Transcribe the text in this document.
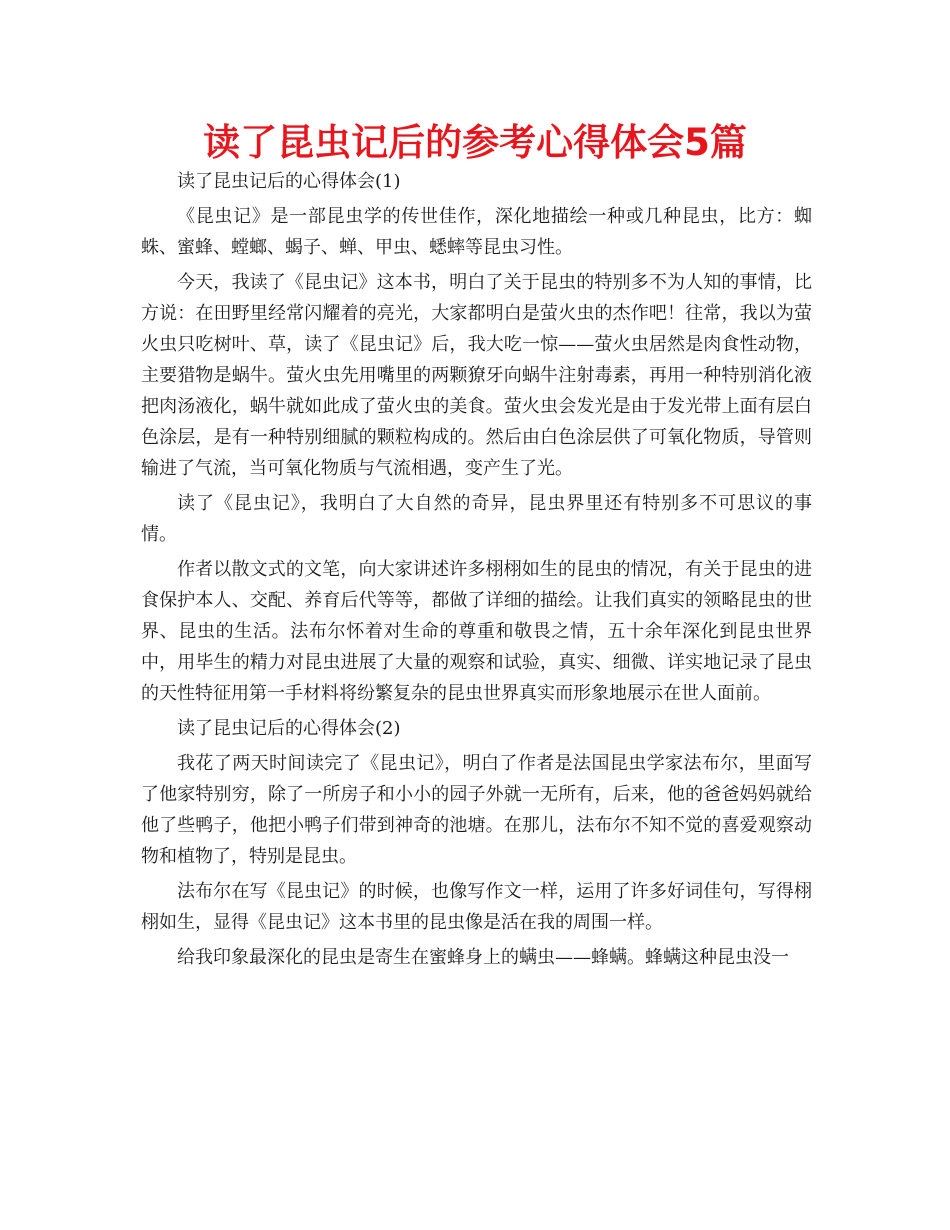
读了昆虫记后的参考心得体会5篇

读了昆虫记后的心得体会(1)

《昆虫记》是一部昆虫学的传世佳作，深化地描绘一种或几种昆虫，比方：蜘蛛、蜜蜂、螳螂、蝎子、蝉、甲虫、蟋蟀等昆虫习性。

今天，我读了《昆虫记》这本书，明白了关于昆虫的特别多不为人知的事情，比方说：在田野里经常闪耀着的亮光，大家都明白是萤火虫的杰作吧！往常，我以为萤火虫只吃树叶、草，读了《昆虫记》后，我大吃一惊——萤火虫居然是肉食性动物，主要猎物是蜗牛。萤火虫先用嘴里的两颗獠牙向蜗牛注射毒素，再用一种特别消化液把肉汤液化，蜗牛就如此成了萤火虫的美食。萤火虫会发光是由于发光带上面有层白色涂层，是有一种特别细腻的颗粒构成的。然后由白色涂层供了可氧化物质，导管则输进了气流，当可氧化物质与气流相遇，变产生了光。

读了《昆虫记》，我明白了大自然的奇异，昆虫界里还有特别多不可思议的事情。

作者以散文式的文笔，向大家讲述许多栩栩如生的昆虫的情况，有关于昆虫的进食保护本人、交配、养育后代等等，都做了详细的描绘。让我们真实的领略昆虫的世界、昆虫的生活。法布尔怀着对生命的尊重和敬畏之情，五十余年深化到昆虫世界中，用毕生的精力对昆虫进展了大量的观察和试验，真实、细微、详实地记录了昆虫的天性特征用第一手材料将纷繁复杂的昆虫世界真实而形象地展示在世人面前。

读了昆虫记后的心得体会(2)

我花了两天时间读完了《昆虫记》，明白了作者是法国昆虫学家法布尔，里面写了他家特别穷，除了一所房子和小小的园子外就一无所有，后来，他的爸爸妈妈就给他了些鸭子，他把小鸭子们带到神奇的池塘。在那儿，法布尔不知不觉的喜爱观察动物和植物了，特别是昆虫。

法布尔在写《昆虫记》的时候，也像写作文一样，运用了许多好词佳句，写得栩栩如生，显得《昆虫记》这本书里的昆虫像是活在我的周围一样。

给我印象最深化的昆虫是寄生在蜜蜂身上的螨虫——蜂螨。蜂螨这种昆虫没一
